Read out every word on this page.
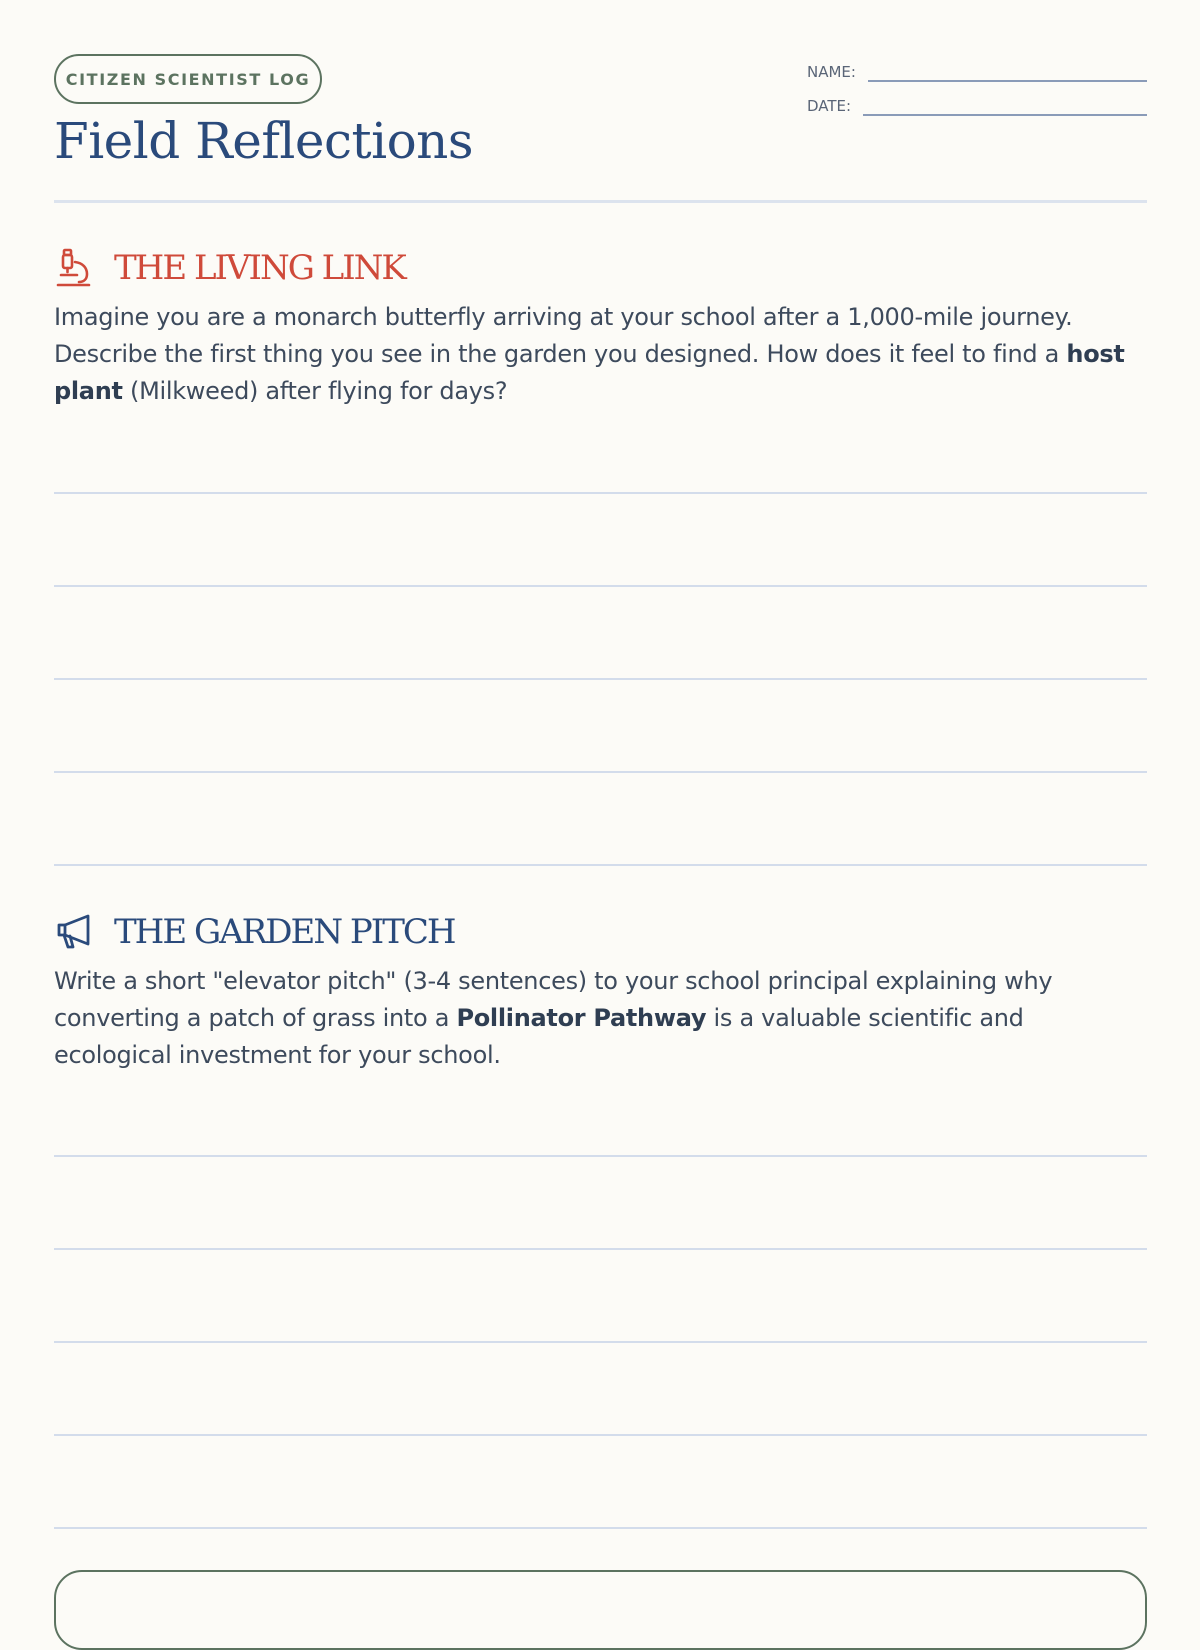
CITIZEN SCIENTIST LOG
Field Reflections
NAME:
DATE:
THE LIVING LINK

Imagine you are a monarch butterfly arriving at your school after a 1,000-mile journey. Describe the first thing you see in the garden you designed. How does it feel to find a host plant (Milkweed) after flying for days?

THE GARDEN PITCH

Write a short "elevator pitch" (3-4 sentences) to your school principal explaining why converting a patch of grass into a Pollinator Pathway is a valuable scientific and ecological investment for your school.
